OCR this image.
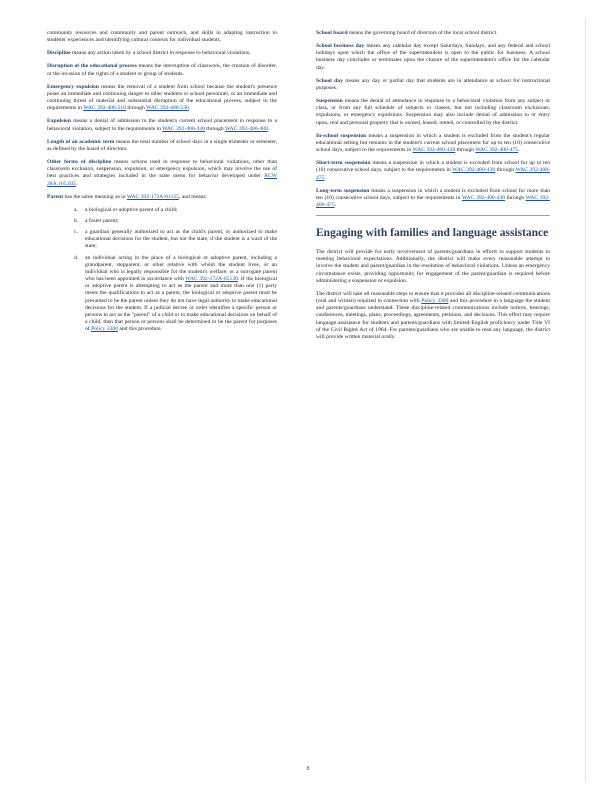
community resources and community and parent outreach, and skills in adapting instruction to students' experiences and identifying cultural contexts for individual students.

Discipline means any action taken by a school district in response to behavioral violations.

Disruption of the educational process means the interruption of classwork, the creation of disorder, or the invasion of the rights of a student or group of students.

Emergency expulsion means the removal of a student from school because the student's presence poses an immediate and continuing danger to other students or school personnel, or an immediate and continuing threat of material and substantial disruption of the educational process, subject to the requirements in WAC 392-400-510 through WAC 392-400-530.

Expulsion means a denial of admission to the student's current school placement in response to a behavioral violation, subject to the requirements in WAC 392-400-430 through WAC 392-400-480.

Length of an academic term means the total number of school days in a single trimester or semester, as defined by the board of directors.

Other forms of discipline means actions used in response to behavioral violations, other than classroom exclusion, suspension, expulsion, or emergency expulsion, which may involve the use of best practices and strategies included in the state menu for behavior developed under RCW 28A.165.035.

Parent has the same meaning as in WAC 392-172A-01125, and means:

a. a biological or adoptive parent of a child;
b. a foster parent;
c. a guardian generally authorized to act as the child's parent, or authorized to make educational decisions for the student, but not the state, if the student is a ward of the state;
d. an individual acting in the place of a biological or adoptive parent, including a grandparent, stepparent, or other relative with whom the student lives, or an individual who is legally responsible for the student's welfare; or a surrogate parent who has been appointed in accordance with WAC 392-172A-05130. If the biological or adoptive parent is attempting to act as the parent and more than one (1) party meets the qualifications to act as a parent, the biological or adoptive parent must be presumed to be the parent unless they do not have legal authority to make educational decisions for the student. If a judicial decree or order identifies a specific person or persons to act as the "parent" of a child or to make educational decisions on behalf of a child, then that person or persons shall be determined to be the parent for purposes of Policy 3300 and this procedure.

School board means the governing board of directors of the local school district.

School business day means any calendar day except Saturdays, Sundays, and any federal and school holidays upon which the office of the superintendent is open to the public for business. A school business day concludes or terminates upon the closure of the superintendent's office for the calendar day.

School day means any day or partial day that students are in attendance at school for instructional purposes.

Suspension means the denial of attendance in response to a behavioral violation from any subject or class, or from any full schedule of subjects or classes, but not including classroom exclusions, expulsions, or emergency expulsions. Suspension may also include denial of admission to or entry upon, real and personal property that is owned, leased, rented, or controlled by the district.

In-school suspension means a suspension in which a student is excluded from the student's regular educational setting but remains in the student's current school placement for up to ten (10) consecutive school days, subject to the requirements in WAC 392-400-430 through WAC 392-400-475.

Short-term suspension means a suspension in which a student is excluded from school for up to ten (10) consecutive school days, subject to the requirements in WAC 392-400-430 through WAC 392-400-475.

Long-term suspension means a suspension in which a student is excluded from school for more than ten (10) consecutive school days, subject to the requirements in WAC 392-400-430 through WAC 392-400-475.

Engaging with families and language assistance

The district will provide for early involvement of parents/guardians in efforts to support students in meeting behavioral expectations. Additionally, the district will make every reasonable attempt to involve the student and parent/guardian in the resolution of behavioral violations. Unless an emergency circumstance exists, providing opportunity for engagement of the parent/guardian is required before administering a suspension or expulsion.

The district will take all reasonable steps to ensure that it provides all discipline-related communications (oral and written) required in connection with Policy 3300 and this procedure in a language the student and parents/guardians understand. These discipline-related communications include notices, hearings, conferences, meetings, plans, proceedings, agreements, petitions, and decisions. This effort may require language assistance for students and parents/guardians with limited-English proficiency under Title VI of the Civil Rights Act of 1964. For parents/guardians who are unable to read any language, the district will provide written material orally.

8
